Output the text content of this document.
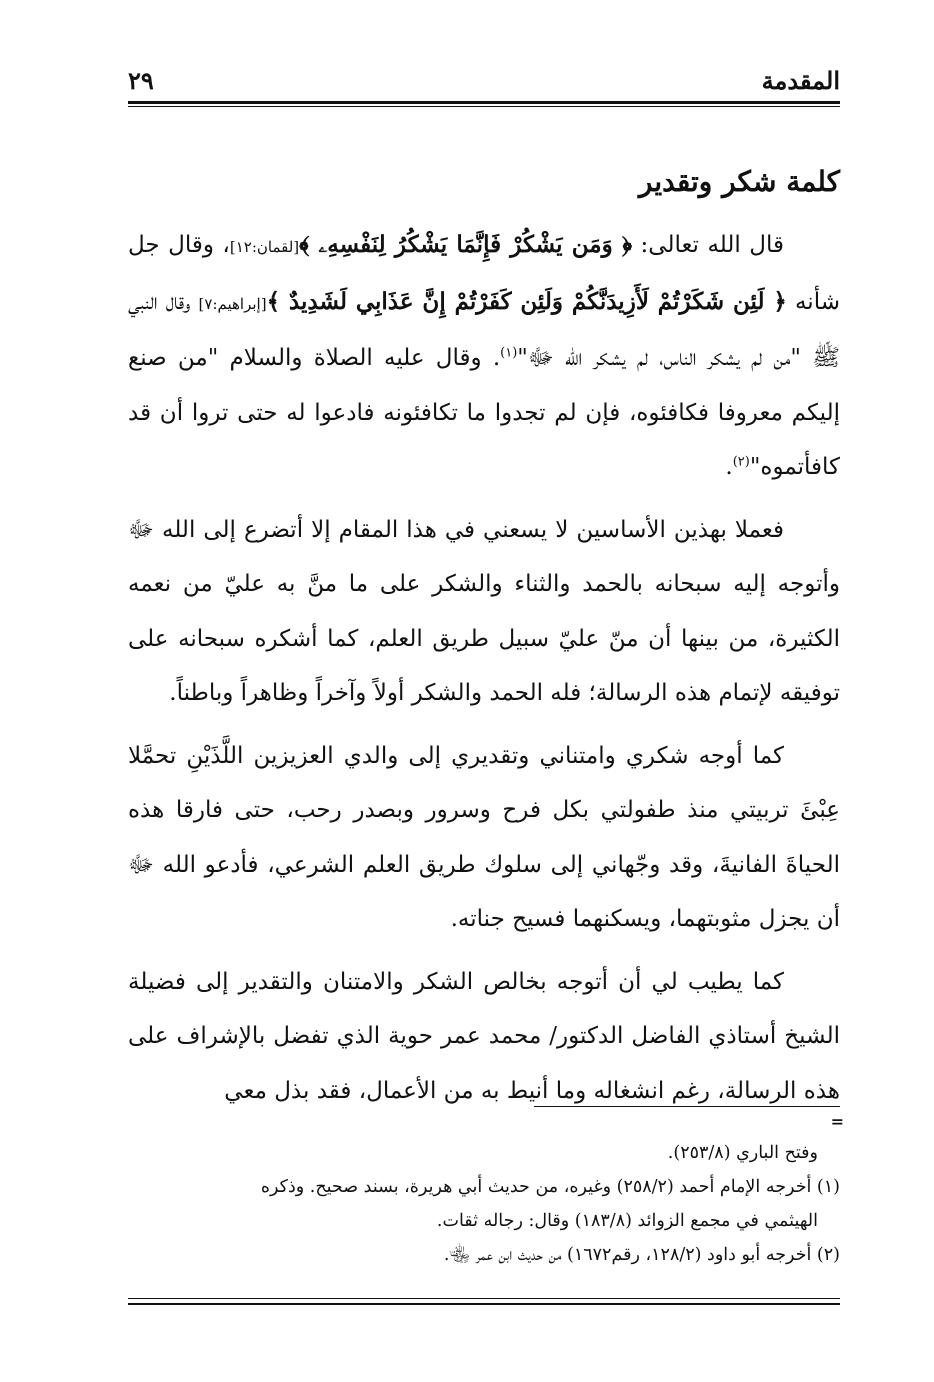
المقدمة
٢٩
كلمة شكر وتقدير

قال الله تعالى: ﴿ وَمَن يَشْكُرْ فَإِنَّمَا يَشْكُرُ لِنَفْسِهِۦ ﴾[لقمان:١٢]، وقال جل شأنه ﴿ لَئِن شَكَرْتُمْ لَأَزِيدَنَّكُمْ وَلَئِن كَفَرْتُمْ إِنَّ عَذَابِي لَشَدِيدٌ ﴾[إبراهيم:٧] وقال النبي ﷺ "من لم يشكر الناس، لم يشكر الله ﷻ"$^{(١)}$. وقال عليه الصلاة والسلام "من صنع إليكم معروفا فكافئوه، فإن لم تجدوا ما تكافئونه فادعوا له حتى تروا أن قد كافأتموه"$^{(٢)}$.

فعملا بهذين الأساسين لا يسعني في هذا المقام إلا أتضرع إلى الله ﷻ وأتوجه إليه سبحانه بالحمد والثناء والشكر على ما منَّ به عليّ من نعمه الكثيرة، من بينها أن منّ عليّ سبيل طريق العلم، كما أشكره سبحانه على توفيقه لإتمام هذه الرسالة؛ فله الحمد والشكر أولاً وآخراً وظاهراً وباطناً.

كما أوجه شكري وامتناني وتقديري إلى والدي العزيزين اللَّذَيْنِ تحمَّلا عِبْئَ تربيتي منذ طفولتي بكل فرح وسرور وبصدر رحب، حتى فارقا هذه الحياةَ الفانيةَ، وقد وجّهاني إلى سلوك طريق العلم الشرعي، فأدعو الله ﷻ أن يجزل مثوبتهما، ويسكنهما فسيح جناته.

كما يطيب لي أن أتوجه بخالص الشكر والامتنان والتقدير إلى فضيلة الشيخ أستاذي الفاضل الدكتور/ محمد عمر حوية الذي تفضل بالإشراف على هذه الرسالة، رغم انشغاله وما أنيط به من الأعمال، فقد بذل معي

=

وفتح الباري (٢٥٣/٨).

(١) أخرجه الإمام أحمد (٢٥٨/٢) وغيره، من حديث أبي هريرة، بسند صحيح. وذكره

الهيثمي في مجمع الزوائد (١٨٣/٨) وقال: رجاله ثقات.

(٢) أخرجه أبو داود (١٢٨/٢، رقم١٦٧٢) من حديث ابن عمر ﵄.
